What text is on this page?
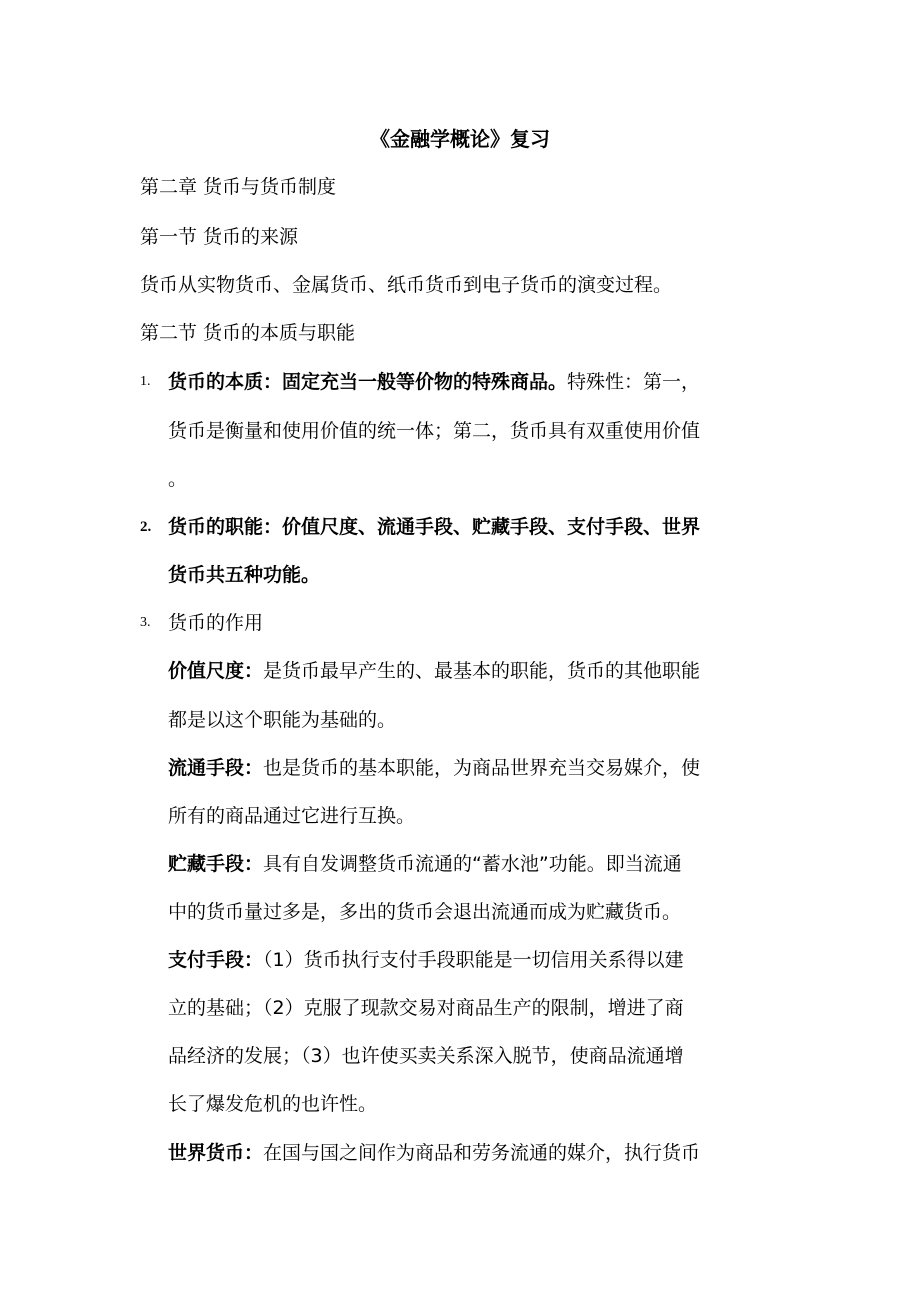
《金融学概论》复习
第二章 货币与货币制度
第一节 货币的来源
货币从实物货币、金属货币、纸币货币到电子货币的演变过程。
第二节 货币的本质与职能
1. 货币的本质：固定充当一般等价物的特殊商品。特殊性：第一，
货币是衡量和使用价值的统一体；第二，货币具有双重使用价值
。
2. 货币的职能：价值尺度、流通手段、贮藏手段、支付手段、世界
货币共五种功能。
3. 货币的作用
价值尺度：是货币最早产生的、最基本的职能，货币的其他职能
都是以这个职能为基础的。
流通手段：也是货币的基本职能，为商品世界充当交易媒介，使
所有的商品通过它进行互换。
贮藏手段：具有自发调整货币流通的“蓄水池”功能。即当流通
中的货币量过多是，多出的货币会退出流通而成为贮藏货币。
支付手段：（1）货币执行支付手段职能是一切信用关系得以建
立的基础；（2）克服了现款交易对商品生产的限制，增进了商
品经济的发展；（3）也许使买卖关系深入脱节，使商品流通增
长了爆发危机的也许性。
世界货币：在国与国之间作为商品和劳务流通的媒介，执行货币
